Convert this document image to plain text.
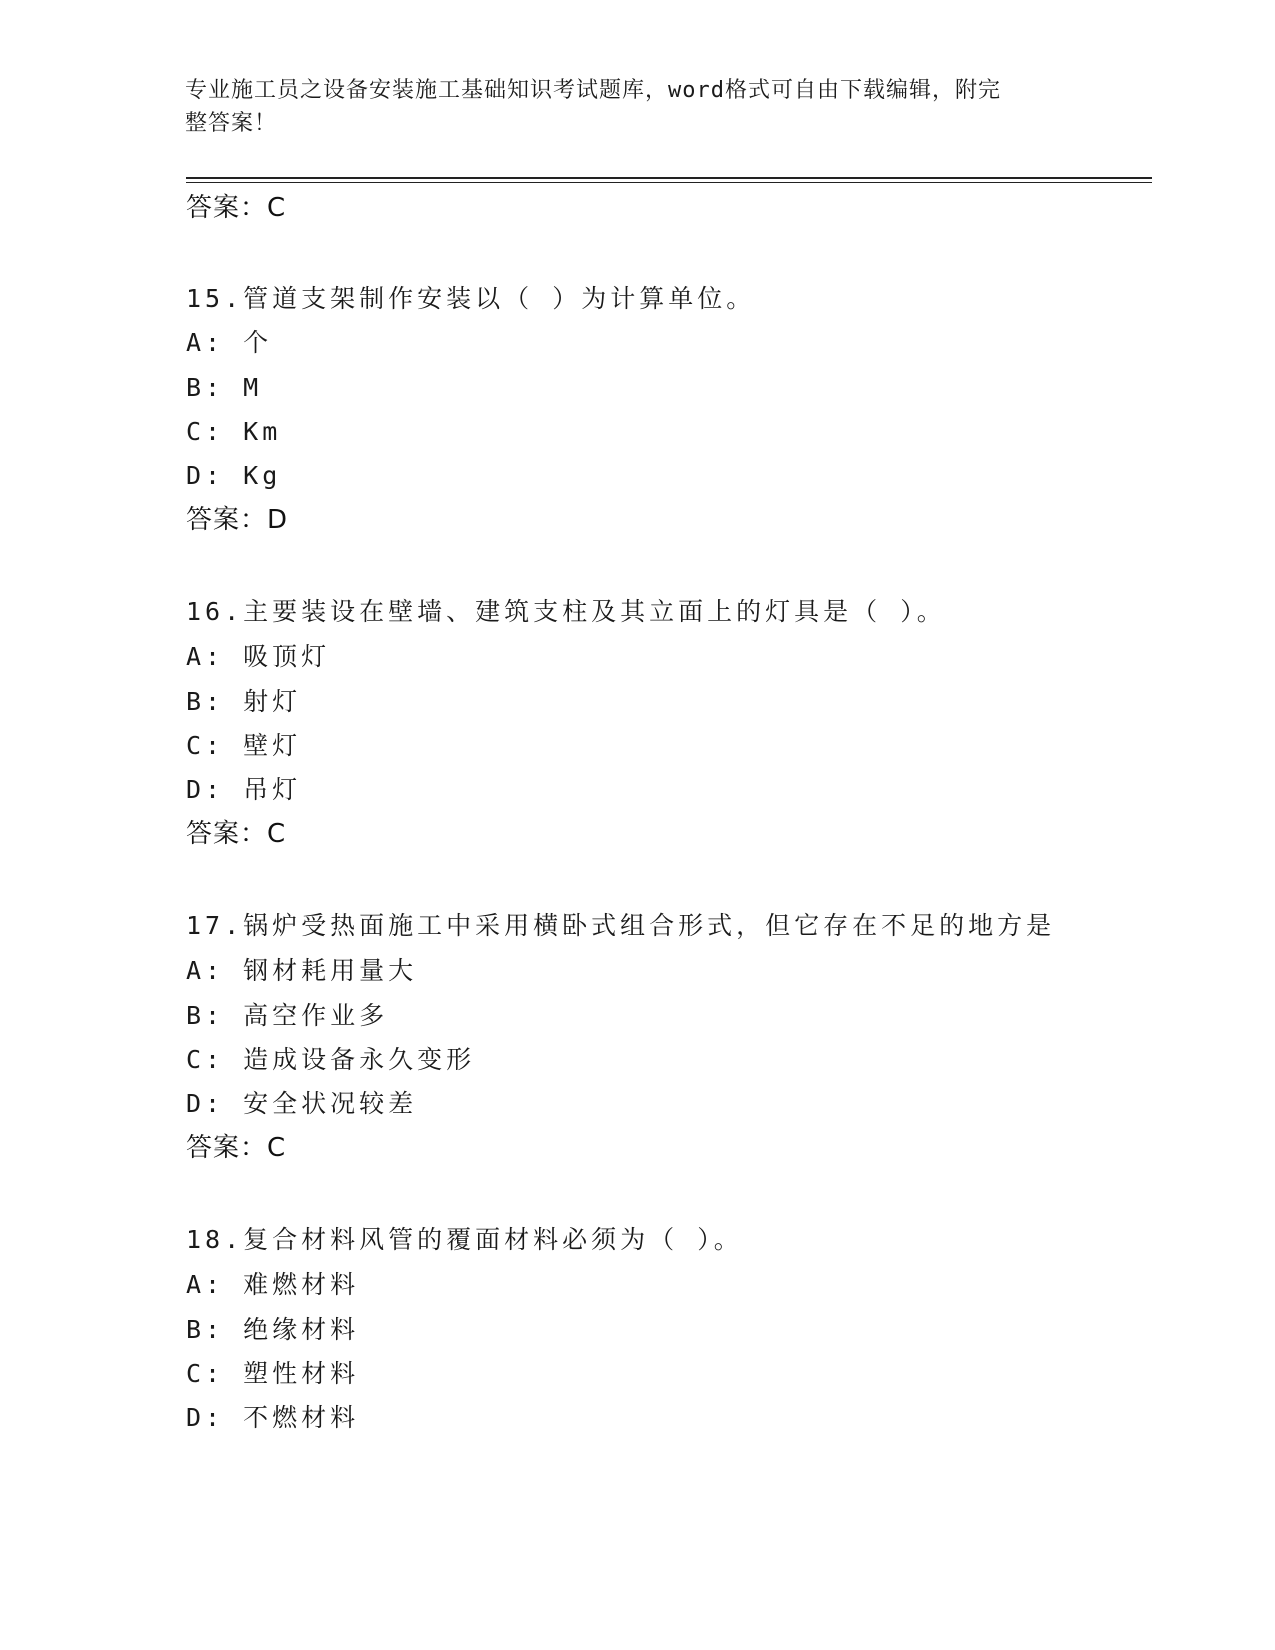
专业施工员之设备安装施工基础知识考试题库，word格式可自由下载编辑，附完
整答案！
答案：C
15.管道支架制作安装以（ ）为计算单位。
A: 个
B: M
C: Km
D: Kg
答案：D
16.主要装设在壁墙、建筑支柱及其立面上的灯具是（ ）。
A: 吸顶灯
B: 射灯
C: 壁灯
D: 吊灯
答案：C
17.锅炉受热面施工中采用横卧式组合形式，但它存在不足的地方是
A: 钢材耗用量大
B: 高空作业多
C: 造成设备永久变形
D: 安全状况较差
答案：C
18.复合材料风管的覆面材料必须为（ ）。
A: 难燃材料
B: 绝缘材料
C: 塑性材料
D: 不燃材料
